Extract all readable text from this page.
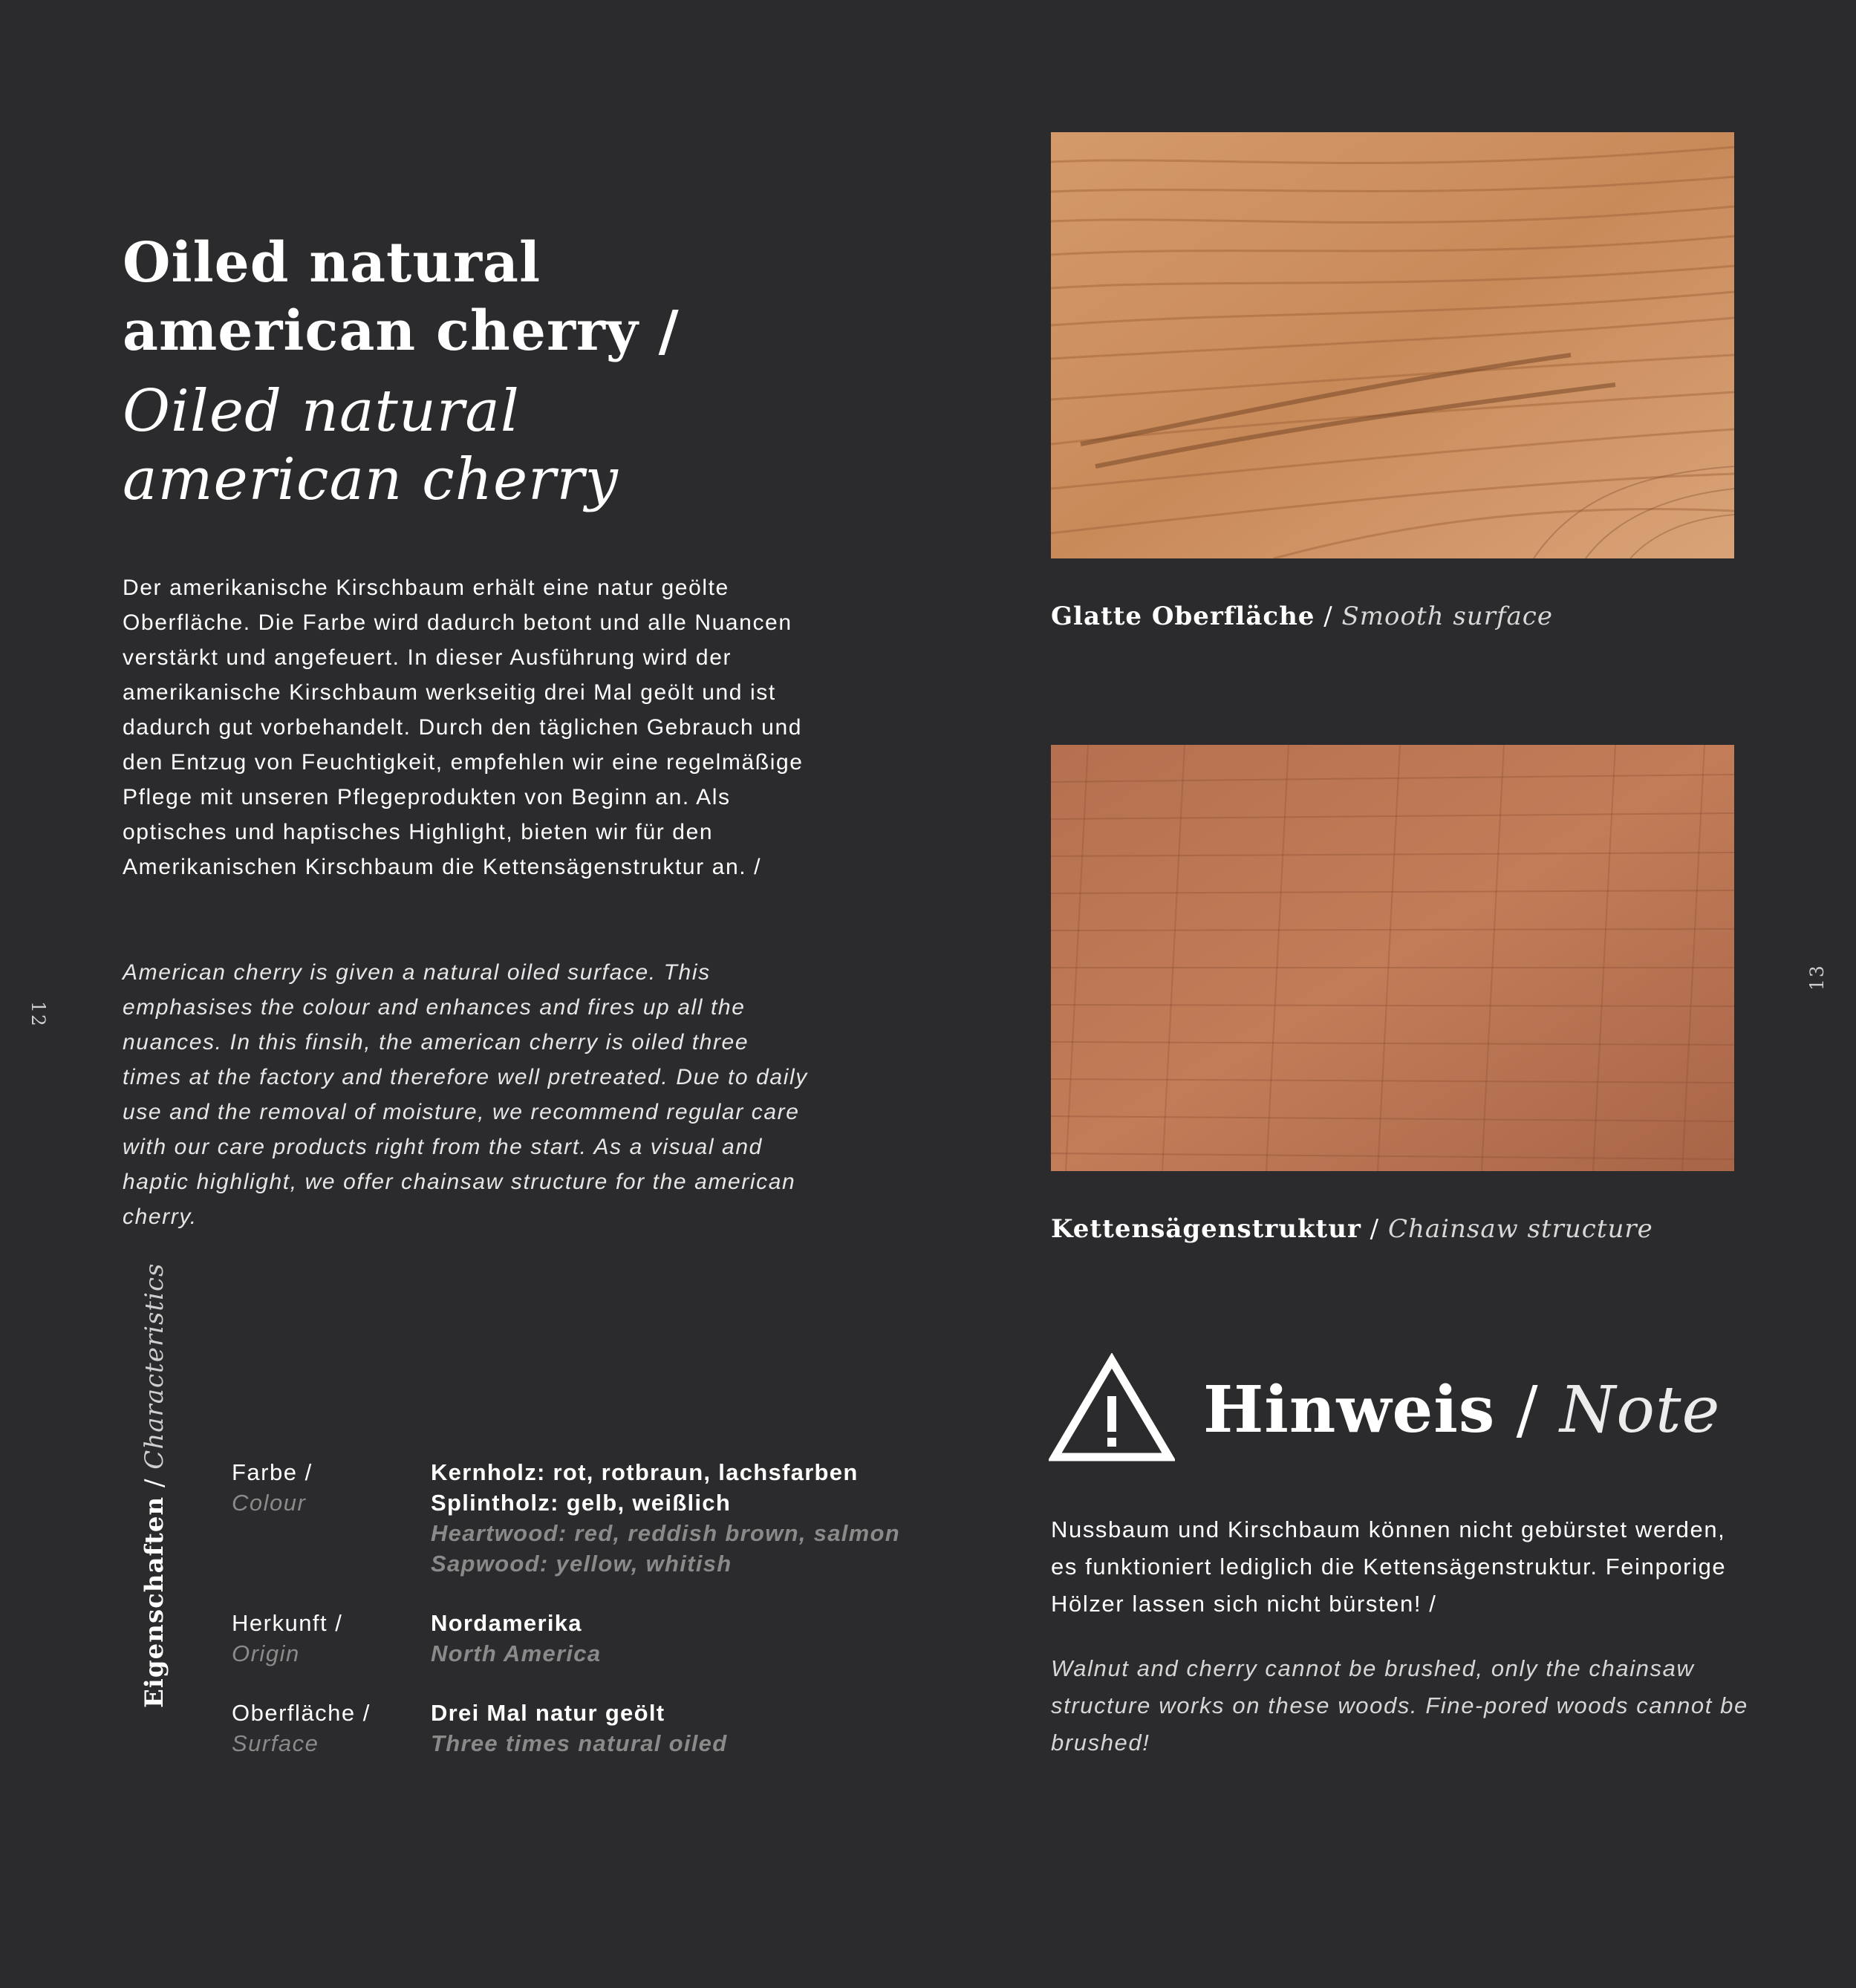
Oiled natural
american cherry /
Oiled natural
american cherry

Der amerikanische Kirschbaum erhält eine natur geölte Oberfläche. Die Farbe wird dadurch betont und alle Nuancen verstärkt und angefeuert. In dieser Ausführung wird der amerikanische Kirschbaum werkseitig drei Mal geölt und ist dadurch gut vorbehandelt. Durch den täglichen Gebrauch und den Entzug von Feuchtigkeit, empfehlen wir eine regelmäßige Pflege mit unseren Pflegeprodukten von Beginn an. Als optisches und haptisches Highlight, bieten wir für den Amerikanischen Kirschbaum die Kettensägenstruktur an. /

American cherry is given a natural oiled surface. This emphasises the colour and enhances and fires up all the nuances. In this finsih, the american cherry is oiled three times at the factory and therefore well pretreated. Due to daily use and the removal of moisture, we recommend regular care with our care products right from the start. As a visual and haptic highlight, we offer chainsaw structure for the american cherry.

12
Eigenschaften / Characteristics
Farbe /
Colour
Kernholz: rot, rotbraun, lachsfarben
Splintholz: gelb, weißlich
Heartwood: red, reddish brown, salmon
Sapwood: yellow, whitish
Herkunft /
Origin
Nordamerika
North America
Oberfläche /
Surface
Drei Mal natur geölt
Three times natural oiled
Glatte Oberfläche / Smooth surface
Kettensägenstruktur / Chainsaw structure
13
Hinweis / Note

Nussbaum und Kirschbaum können nicht gebürstet werden, es funktioniert lediglich die Kettensägenstruktur. Feinporige Hölzer lassen sich nicht bürsten! /

Walnut and cherry cannot be brushed, only the chainsaw structure works on these woods. Fine-pored woods cannot be brushed!
